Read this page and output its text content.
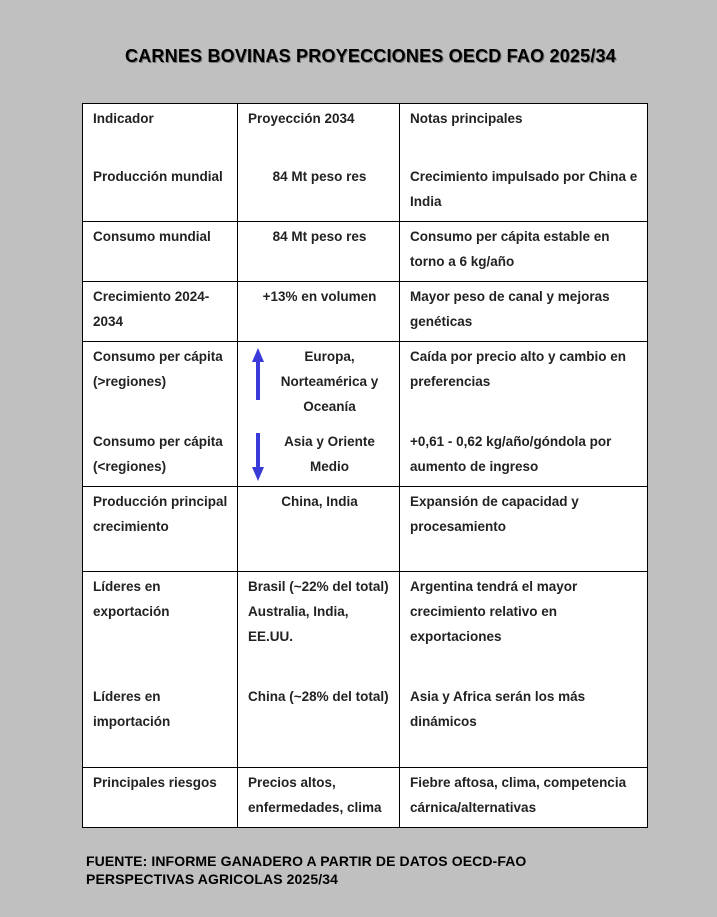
CARNES BOVINAS PROYECCIONES OECD FAO 2025/34
Indicador	Proyección 2034	Notas principales
Producción mundial	84 Mt peso res	Crecimiento impulsado por China e India
Consumo mundial	84 Mt peso res	Consumo per cápita estable en torno a 6 kg/año
Crecimiento 2024-2034	+13% en volumen	Mayor peso de canal y mejoras genéticas
Consumo per cápita (>regiones)	Europa, Norteamérica y Oceanía	Caída por precio alto y cambio en preferencias
Consumo per cápita (<regiones)	Asia y Oriente Medio	+0,61 - 0,62 kg/año/góndola por aumento de ingreso
Producción principal crecimiento	China, India	Expansión de capacidad y procesamiento
Líderes en exportación	Brasil (~22% del total) Australia, India, EE.UU.	Argentina tendrá el mayor crecimiento relativo en exportaciones
Líderes en importación	China (~28% del total)	Asia y Africa serán los más dinámicos
Principales riesgos	Precios altos, enfermedades, clima	Fiebre aftosa, clima, competencia cárnica/alternativas
FUENTE: INFORME GANADERO A PARTIR DE DATOS OECD-FAO
PERSPECTIVAS AGRICOLAS 2025/34
